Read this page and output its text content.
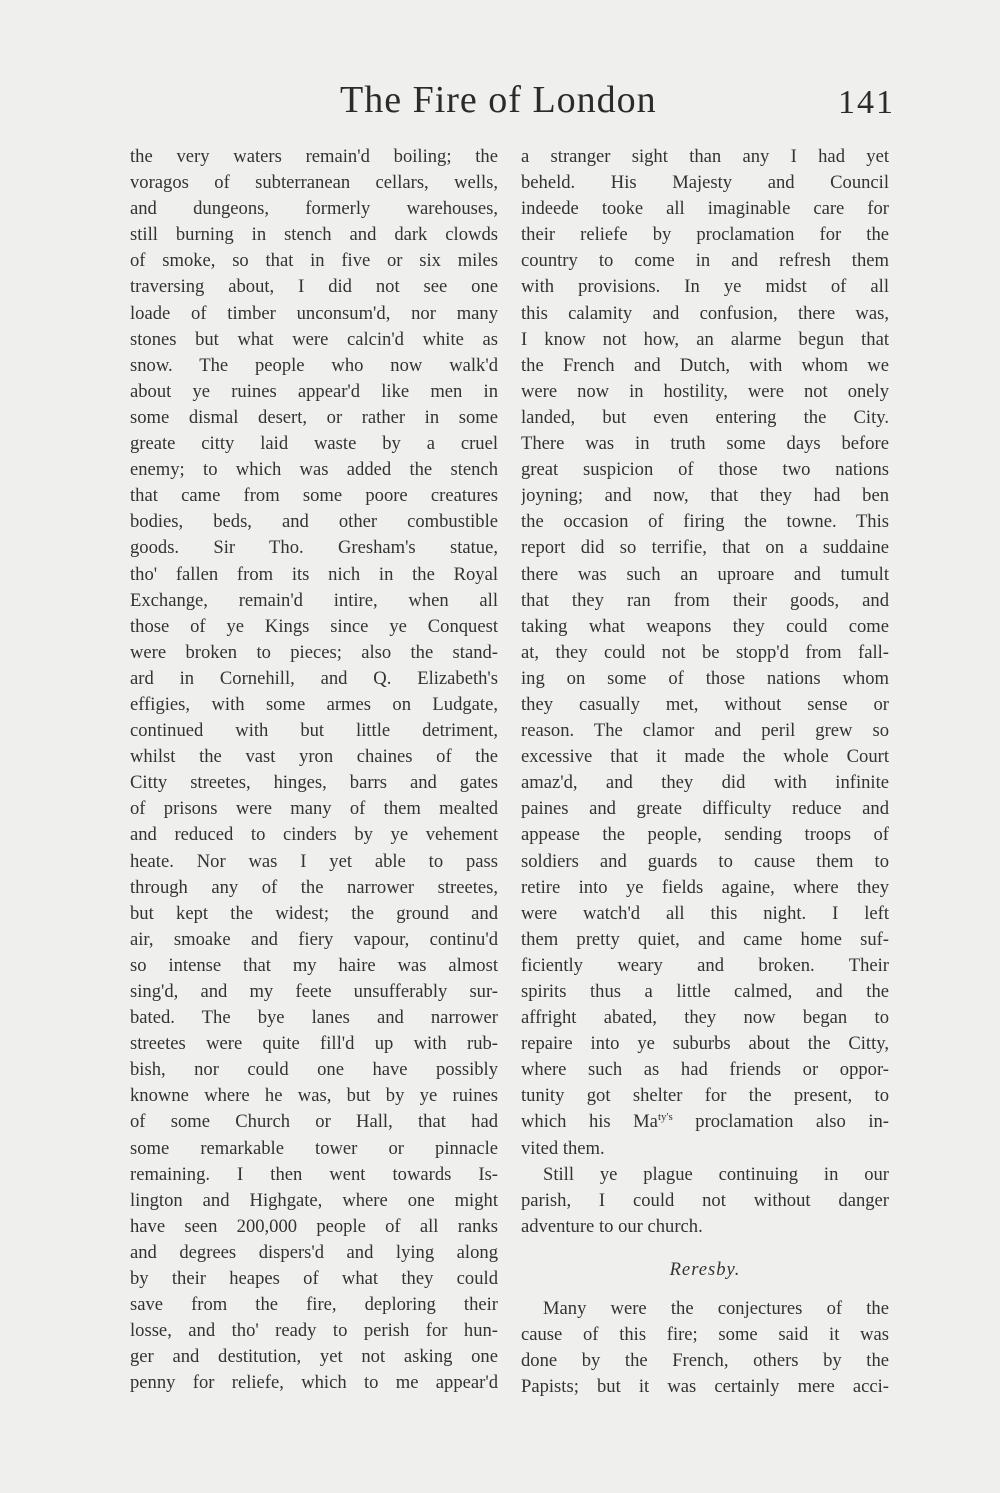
The Fire of London	141
the very waters remain'd boiling; the
voragos of subterranean cellars, wells,
and dungeons, formerly warehouses,
still burning in stench and dark clowds
of smoke, so that in five or six miles
traversing about, I did not see one
loade of timber unconsum'd, nor many
stones but what were calcin'd white as
snow. The people who now walk'd
about ye ruines appear'd like men in
some dismal desert, or rather in some
greate citty laid waste by a cruel
enemy; to which was added the stench
that came from some poore creatures
bodies, beds, and other combustible
goods. Sir Tho. Gresham's statue,
tho' fallen from its nich in the Royal
Exchange, remain'd intire, when all
those of ye Kings since ye Conquest
were broken to pieces; also the stand-
ard in Cornehill, and Q. Elizabeth's
effigies, with some armes on Ludgate,
continued with but little detriment,
whilst the vast yron chaines of the
Citty streetes, hinges, barrs and gates
of prisons were many of them mealted
and reduced to cinders by ye vehement
heate. Nor was I yet able to pass
through any of the narrower streetes,
but kept the widest; the ground and
air, smoake and fiery vapour, continu'd
so intense that my haire was almost
sing'd, and my feete unsufferably sur-
bated. The bye lanes and narrower
streetes were quite fill'd up with rub-
bish, nor could one have possibly
knowne where he was, but by ye ruines
of some Church or Hall, that had
some remarkable tower or pinnacle
remaining. I then went towards Is-
lington and Highgate, where one might
have seen 200,000 people of all ranks
and degrees dispers'd and lying along
by their heapes of what they could
save from the fire, deploring their
losse, and tho' ready to perish for hun-
ger and destitution, yet not asking one
penny for reliefe, which to me appear'd
a stranger sight than any I had yet
beheld. His Majesty and Council
indeede tooke all imaginable care for
their reliefe by proclamation for the
country to come in and refresh them
with provisions. In ye midst of all
this calamity and confusion, there was,
I know not how, an alarme begun that
the French and Dutch, with whom we
were now in hostility, were not onely
landed, but even entering the City.
There was in truth some days before
great suspicion of those two nations
joyning; and now, that they had ben
the occasion of firing the towne. This
report did so terrifie, that on a suddaine
there was such an uproare and tumult
that they ran from their goods, and
taking what weapons they could come
at, they could not be stopp'd from fall-
ing on some of those nations whom
they casually met, without sense or
reason. The clamor and peril grew so
excessive that it made the whole Court
amaz'd, and they did with infinite
paines and greate difficulty reduce and
appease the people, sending troops of
soldiers and guards to cause them to
retire into ye fields againe, where they
were watch'd all this night. I left
them pretty quiet, and came home suf-
ficiently weary and broken. Their
spirits thus a little calmed, and the
affright abated, they now began to
repaire into ye suburbs about the Citty,
where such as had friends or oppor-
tunity got shelter for the present, to
which his $Ma^{ty's}$ proclamation also in-
vited them.
Still ye plague continuing in our
parish, I could not without danger
adventure to our church.
Reresby.
Many were the conjectures of the
cause of this fire; some said it was
done by the French, others by the
Papists; but it was certainly mere acci-
